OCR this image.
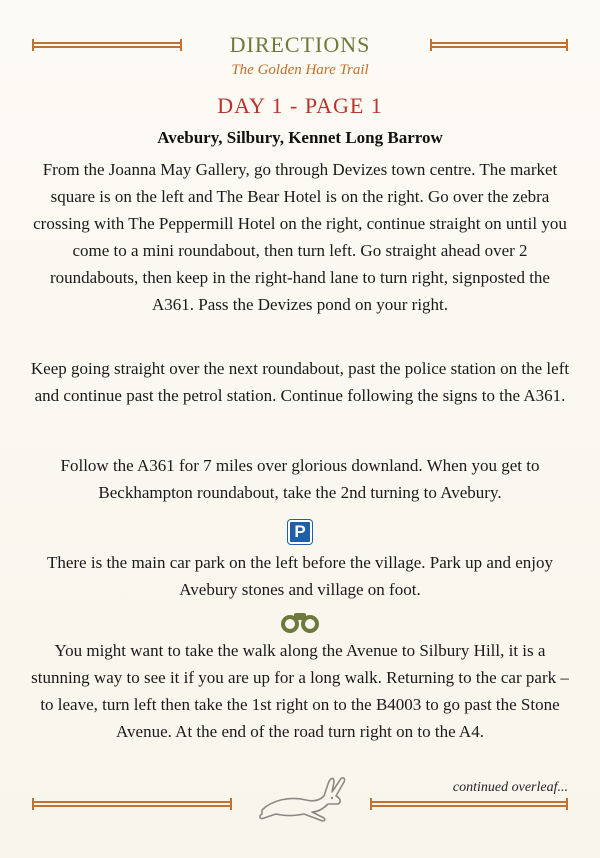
DIRECTIONS
The Golden Hare Trail
DAY 1 - PAGE 1
Avebury, Silbury, Kennet Long Barrow
From the Joanna May Gallery, go through Devizes town centre. The market square is on the left and The Bear Hotel is on the right. Go over the zebra crossing with The Peppermill Hotel on the right, continue straight on until you come to a mini roundabout, then turn left. Go straight ahead over 2 roundabouts, then keep in the right-hand lane to turn right, signposted the A361. Pass the Devizes pond on your right.
Keep going straight over the next roundabout, past the police station on the left and continue past the petrol station. Continue following the signs to the A361.
Follow the A361 for 7 miles over glorious downland. When you get to Beckhampton roundabout, take the 2nd turning to Avebury.
P
There is the main car park on the left before the village. Park up and enjoy Avebury stones and village on foot.
You might want to take the walk along the Avenue to Silbury Hill, it is a stunning way to see it if you are up for a long walk. Returning to the car park – to leave, turn left then take the 1st right on to the B4003 to go past the Stone Avenue. At the end of the road turn right on to the A4.
continued overleaf...
